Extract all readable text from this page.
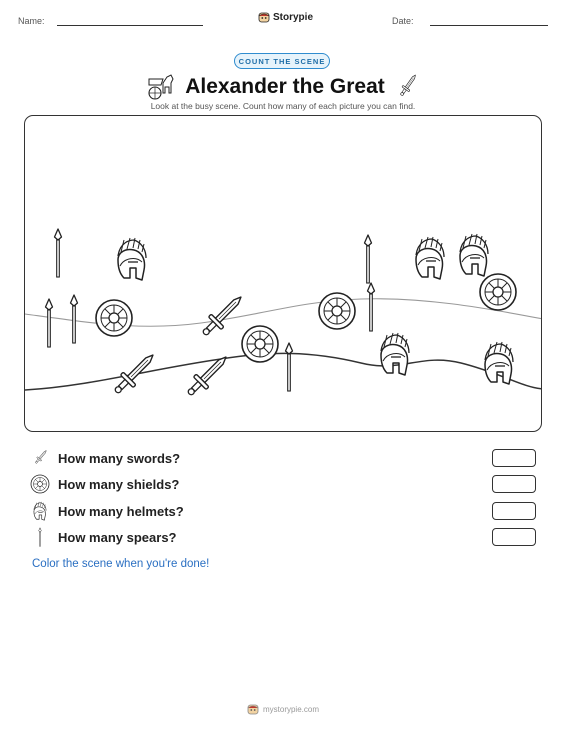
Name:	Storypie	Date:
COUNT THE SCENE
Alexander the Great
Look at the busy scene. Count how many of each picture you can find.
How many swords?
How many shields?
How many helmets?
How many spears?
Color the scene when you're done!
mystorypie.com
